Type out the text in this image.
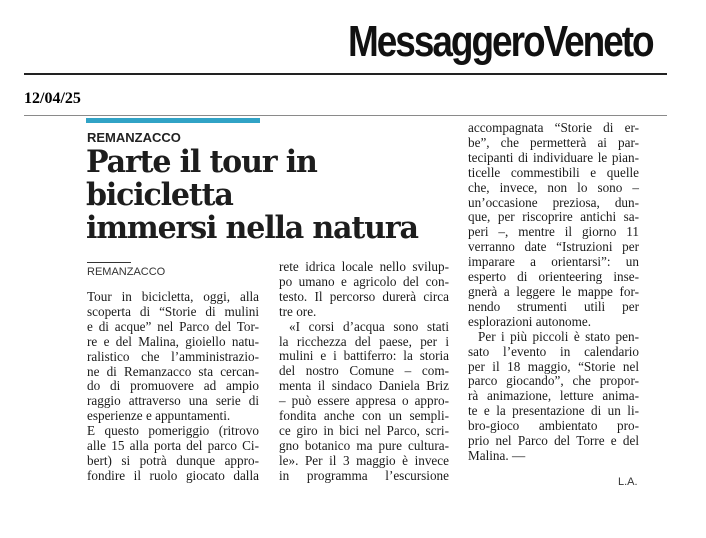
MessaggeroVeneto
12/04/25
REMANZACCO
Parte il tour in bicicletta
immersi nella natura
REMANZACCO
Tour in bicicletta, oggi, alla
scoperta di “Storie di mulini
e di acque” nel Parco del Tor-
re e del Malina, gioiello natu-
ralistico che l’amministrazio-
ne di Remanzacco sta cercan-
do di promuovere ad ampio
raggio attraverso una serie di
esperienze e appuntamenti.
E questo pomeriggio (ritrovo
alle 15 alla porta del parco Ci-
bert) si potrà dunque appro-
fondire il ruolo giocato dalla
rete idrica locale nello svilup-
po umano e agricolo del con-
testo. Il percorso durerà circa
tre ore.
«I corsi d’acqua sono stati
la ricchezza del paese, per i
mulini e i battiferro: la storia
del nostro Comune – com-
menta il sindaco Daniela Briz
– può essere appresa o appro-
fondita anche con un sempli-
ce giro in bici nel Parco, scri-
gno botanico ma pure cultura-
le». Per il 3 maggio è invece
in programma l’escursione
accompagnata “Storie di er-
be”, che permetterà ai par-
tecipanti di individuare le pian-
ticelle commestibili e quelle
che, invece, non lo sono –
un’occasione preziosa, dun-
que, per riscoprire antichi sa-
peri –, mentre il giorno 11
verranno date “Istruzioni per
imparare a orientarsi”: un
esperto di orienteering inse-
gnerà a leggere le mappe for-
nendo strumenti utili per
esplorazioni autonome.
Per i più piccoli è stato pen-
sato l’evento in calendario
per il 18 maggio, “Storie nel
parco giocando”, che propor-
rà animazione, letture anima-
te e la presentazione di un li-
bro-gioco ambientato pro-
prio nel Parco del Torre e del
Malina. —
L.A.
